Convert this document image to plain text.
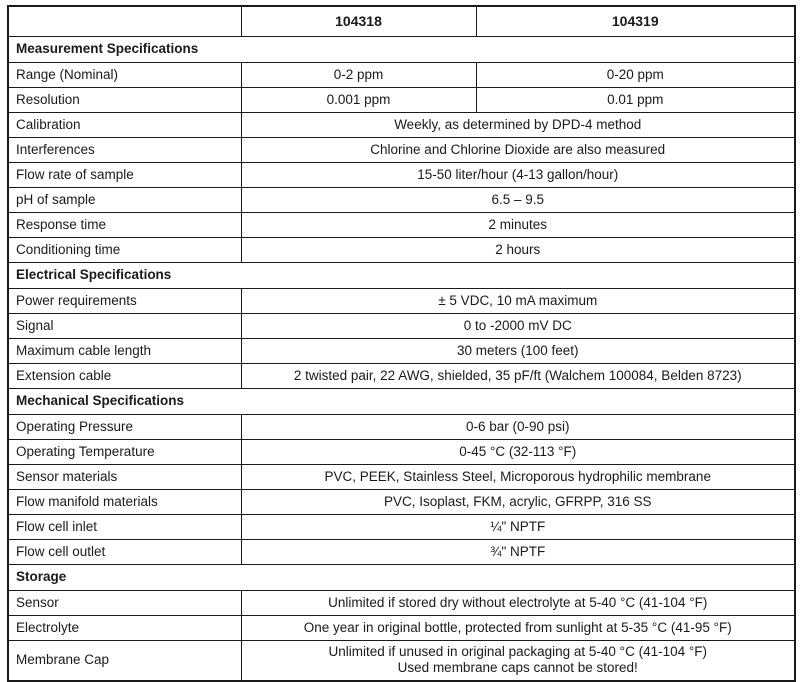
	104318	104319
Measurement Specifications		
Range (Nominal)	0-2 ppm	0-20 ppm
Resolution	0.001 ppm	0.01 ppm
Calibration	Weekly, as determined by DPD-4 method	
Interferences	Chlorine and Chlorine Dioxide are also measured	
Flow rate of sample	15-50 liter/hour (4-13 gallon/hour)	
pH of sample	6.5 – 9.5	
Response time	2 minutes	
Conditioning time	2 hours	
Electrical Specifications		
Power requirements	± 5 VDC, 10 mA maximum	
Signal	0 to -2000 mV DC	
Maximum cable length	30 meters (100 feet)	
Extension cable	2 twisted pair, 22 AWG, shielded, 35 pF/ft (Walchem 100084, Belden 8723)	
Mechanical Specifications		
Operating Pressure	0-6 bar (0-90 psi)	
Operating Temperature	0-45 °C (32-113 °F)	
Sensor materials	PVC, PEEK, Stainless Steel, Microporous hydrophilic membrane	
Flow manifold materials	PVC, Isoplast, FKM, acrylic, GFRPP, 316 SS	
Flow cell inlet	¼" NPTF	
Flow cell outlet	¾" NPTF	
Storage		
Sensor	Unlimited if stored dry without electrolyte at 5-40 °C (41-104 °F)	
Electrolyte	One year in original bottle, protected from sunlight at 5-35 °C (41-95 °F)	
Membrane Cap	Unlimited if unused in original packaging at 5-40 °C (41-104 °F)
Used membrane caps cannot be stored!	
